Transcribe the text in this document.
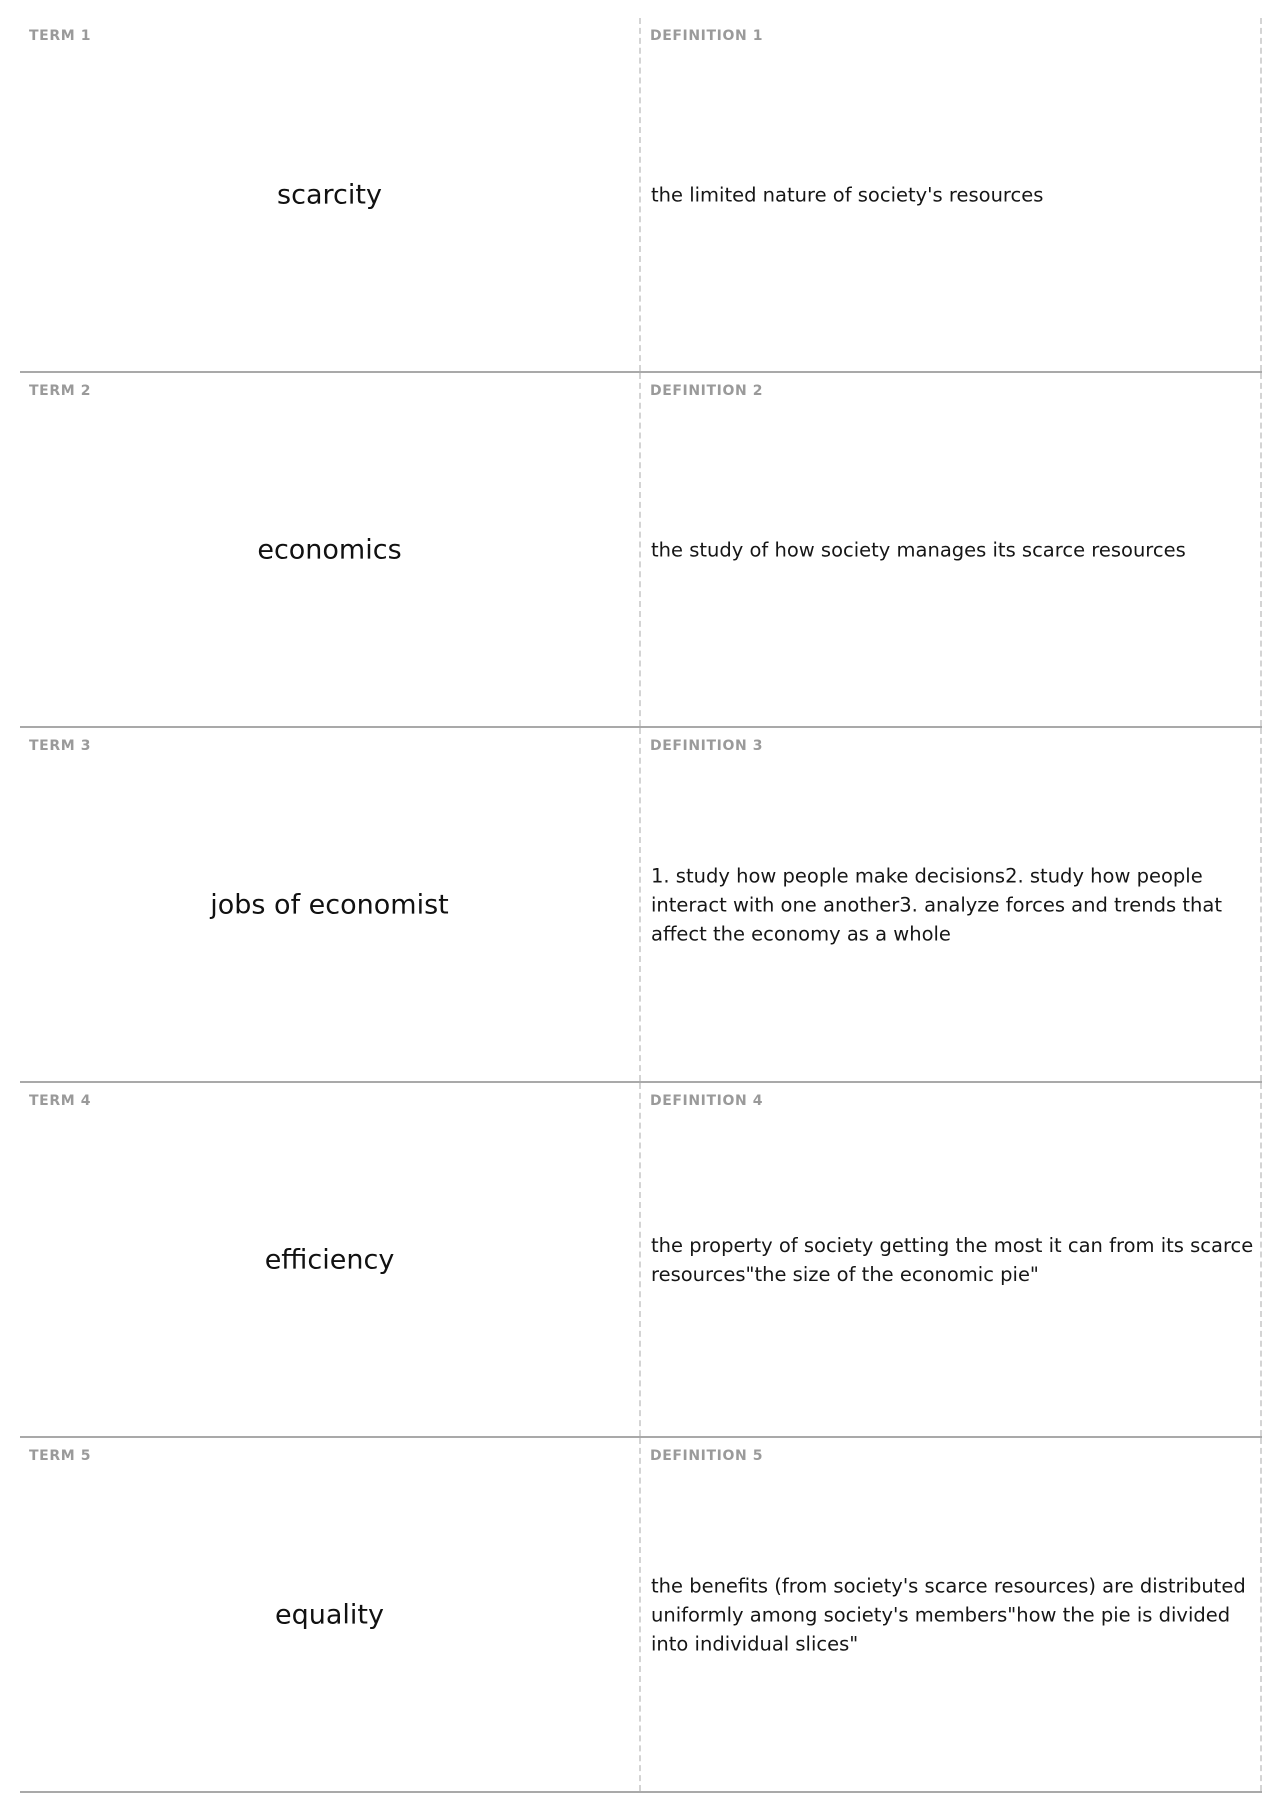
TERM 1
scarcity
DEFINITION 1
the limited nature of society's resources
TERM 2
economics
DEFINITION 2
the study of how society manages its scarce resources
TERM 3
jobs of economist
DEFINITION 3
1. study how people make decisions2. study how people interact with one another3. analyze forces and trends that affect the economy as a whole
TERM 4
efficiency
DEFINITION 4
the property of society getting the most it can from its scarce resources"the size of the economic pie"
TERM 5
equality
DEFINITION 5
the benefits (from society's scarce resources) are distributed uniformly among society's members"how the pie is divided into individual slices"
